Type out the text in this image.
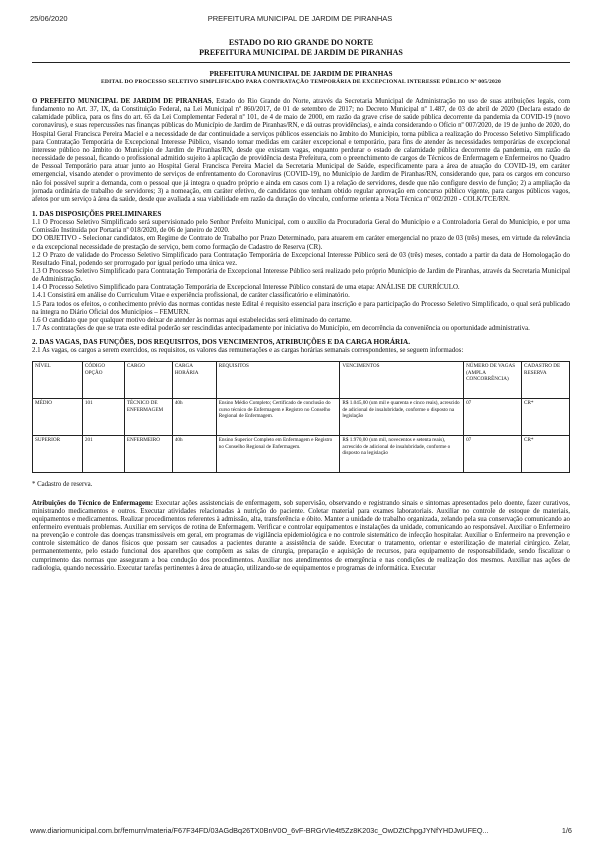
25/06/2020	PREFEITURA MUNICIPAL DE JARDIM DE PIRANHAS
ESTADO DO RIO GRANDE DO NORTE
PREFEITURA MUNICIPAL DE JARDIM DE PIRANHAS
PREFEITURA MUNICIPAL DE JARDIM DE PIRANHAS
EDITAL DO PROCESSO SELETIVO SIMPLIFICADO PARA CONTRATAÇÃO TEMPORÁRIA DE EXCEPCIONAL INTERESSE PÚBLICO Nº 005/2020

O PREFEITO MUNICIPAL DE JARDIM DE PIRANHAS, Estado do Rio Grande do Norte, através da Secretaria Municipal de Administração no uso de suas atribuições legais, com fundamento no Art. 37, IX, da Constituição Federal, na Lei Municipal nº 860/2017, de 01 de setembro de 2017; no Decreto Municipal nº 1.487, de 03 de abril de 2020 (Declara estado de calamidade pública, para os fins do art. 65 da Lei Complementar Federal nº 101, de 4 de maio de 2000, em razão da grave crise de saúde pública decorrente da pandemia da COVID-19 (novo coronavírus), e suas repercussões nas finanças públicas do Município de Jardim de Piranhas/RN, e dá outras providências), e ainda considerando o Ofício nº 007/2020, de 19 de junho de 2020, do Hospital Geral Francisca Pereira Maciel e a necessidade de dar continuidade a serviços públicos essenciais no âmbito do Município, torna pública a realização do Processo Seletivo Simplificado para Contratação Temporária de Excepcional Interesse Público, visando tomar medidas em caráter excepcional e temporário, para fins de atender às necessidades temporárias de excepcional interesse público no âmbito do Município de Jardim de Piranhas/RN, desde que existam vagas, enquanto perdurar o estado de calamidade pública decorrente da pandemia, em razão da necessidade de pessoal, ficando o profissional admitido sujeito à aplicação de providência desta Prefeitura, com o preenchimento de cargos de Técnicos de Enfermagem e Enfermeiros no Quadro de Pessoal Temporário para atuar junto ao Hospital Geral Francisca Pereira Maciel da Secretaria Municipal de Saúde, especificamente para a área de atuação do COVID-19, em caráter emergencial, visando atender o provimento de serviços de enfrentamento do Coronavírus (COVID-19), no Município de Jardim de Piranhas/RN, considerando que, para os cargos em concurso não foi possível suprir a demanda, com o pessoal que já integra o quadro próprio e ainda em casos com 1) a relação de servidores, desde que não configure desvio de função; 2) a ampliação da jornada ordinária de trabalho de servidores; 3) a nomeação, em caráter efetivo, de candidatos que tenham obtido regular aprovação em concurso público vigente, para cargos públicos vagos, afetos por um serviço à área da saúde, desde que avaliada a sua viabilidade em razão da duração do vínculo, conforme orienta a Nota Técnica nº 002/2020 - COLK/TCE/RN.

1. DAS DISPOSIÇÕES PRELIMINARES

1.1 O Processo Seletivo Simplificado será supervisionado pelo Senhor Prefeito Municipal, com o auxílio da Procuradoria Geral do Município e a Controladoria Geral do Município, e por uma Comissão Instituída por Portaria nº 018/2020, de 06 de janeiro de 2020.

DO OBJETIVO - Selecionar candidatos, em Regime de Contrato de Trabalho por Prazo Determinado, para atuarem em caráter emergencial no prazo de 03 (três) meses, em virtude da relevância e da excepcional necessidade de prestação de serviço, bem como formação de Cadastro de Reserva (CR).

1.2 O Prazo de validade do Processo Seletivo Simplificado para Contratação Temporária de Excepcional Interesse Público será de 03 (três) meses, contado a partir da data de Homologação do Resultado Final, podendo ser prorrogado por igual período uma única vez.

1.3 O Processo Seletivo Simplificado para Contratação Temporária de Excepcional Interesse Público será realizado pelo próprio Município de Jardim de Piranhas, através da Secretaria Municipal de Administração.

1.4 O Processo Seletivo Simplificado para Contratação Temporária de Excepcional Interesse Público constará de uma etapa: ANÁLISE DE CURRÍCULO.

1.4.1 Consistirá em análise do Curriculum Vitae e experiência profissional, de caráter classificatório e eliminatório.

1.5 Para todos os efeitos, o conhecimento prévio das normas contidas neste Edital é requisito essencial para inscrição e para participação do Processo Seletivo Simplificado, o qual será publicado na íntegra no Diário Oficial dos Municípios – FEMURN.

1.6 O candidato que por qualquer motivo deixar de atender às normas aqui estabelecidas será eliminado do certame.

1.7 As contratações de que se trata este edital poderão ser rescindidas antecipadamente por iniciativa do Município, em decorrência da conveniência ou oportunidade administrativa.

2. DAS VAGAS, DAS FUNÇÕES, DOS REQUISITOS, DOS VENCIMENTOS, ATRIBUIÇÕES E DA CARGA HORÁRIA.

2.1 As vagas, os cargos a serem exercidos, os requisitos, os valores das remunerações e as cargas horárias semanais correspondentes, se seguem informados:

NÍVEL	CÓDIGO OPÇÃO	CARGO	CARGA HORÁRIA	REQUISITOS	VENCIMENTOS	NÚMERO DE VAGAS (AMPLA CONCORRÊNCIA)	CADASTRO DE RESERVA
MÉDIO	101	TÉCNICO DE ENFERMAGEM	40h	Ensino Médio Completo; Certificado de conclusão do curso técnico de Enfermagem e Registro no Conselho Regional de Enfermagem.	R$ 1.045,00 (um mil e quarenta e cinco reais), acrescido de adicional de insalubridade, conforme o disposto na legislação	07	CR*
SUPERIOR	201	ENFERMEIRO	40h	Ensino Superior Completo em Enfermagem e Registro no Conselho Regional de Enfermagem.	R$ 1.970,00 (um mil, novecentos e setenta reais), acrescido de adicional de insalubridade, conforme o disposto na legislação	07	CR*

* Cadastro de reserva.

Atribuições do Técnico de Enfermagem: Executar ações assistenciais de enfermagem, sob supervisão, observando e registrando sinais e sintomas apresentados pelo doente, fazer curativos, ministrando medicamentos e outros. Executar atividades relacionadas à nutrição do paciente. Coletar material para exames laboratoriais. Auxiliar no controle de estoque de materiais, equipamentos e medicamentos. Realizar procedimentos referentes à admissão, alta, transferência e óbito. Manter a unidade de trabalho organizada, zelando pela sua conservação comunicando ao enfermeiro eventuais problemas. Auxiliar em serviços de rotina de Enfermagem. Verificar e controlar equipamentos e instalações da unidade, comunicando ao responsável. Auxiliar o Enfermeiro na prevenção e controle das doenças transmissíveis em geral, em programas de vigilância epidemiológica e no controle sistemático de infecção hospitalar. Auxiliar o Enfermeiro na prevenção e controle sistemático de danos físicos que possam ser causados a pacientes durante a assistência de saúde. Executar o tratamento, orientar e esterilização de material cirúrgico. Zelar, permanentemente, pelo estado funcional dos aparelhos que compõem as salas de cirurgia, preparação e aquisição de recursos, para equipamento de responsabilidade, sendo fiscalizar o cumprimento das normas que asseguram a boa condução dos procedimentos. Auxiliar nos atendimentos de emergência e nas condições de realização dos mesmos. Auxiliar nas ações de radiologia, quando necessário. Executar tarefas pertinentes à área de atuação, utilizando-se de equipamentos e programas de informática. Executar

www.diariomunicipal.com.br/femurn/materia/F67F34FD/03AGdBq26TX0BnV0O_6vF-BRGrVIe4t5Zz8K203c_OwDZtChpgJYNfYHDJwUFEQ...	1/6
